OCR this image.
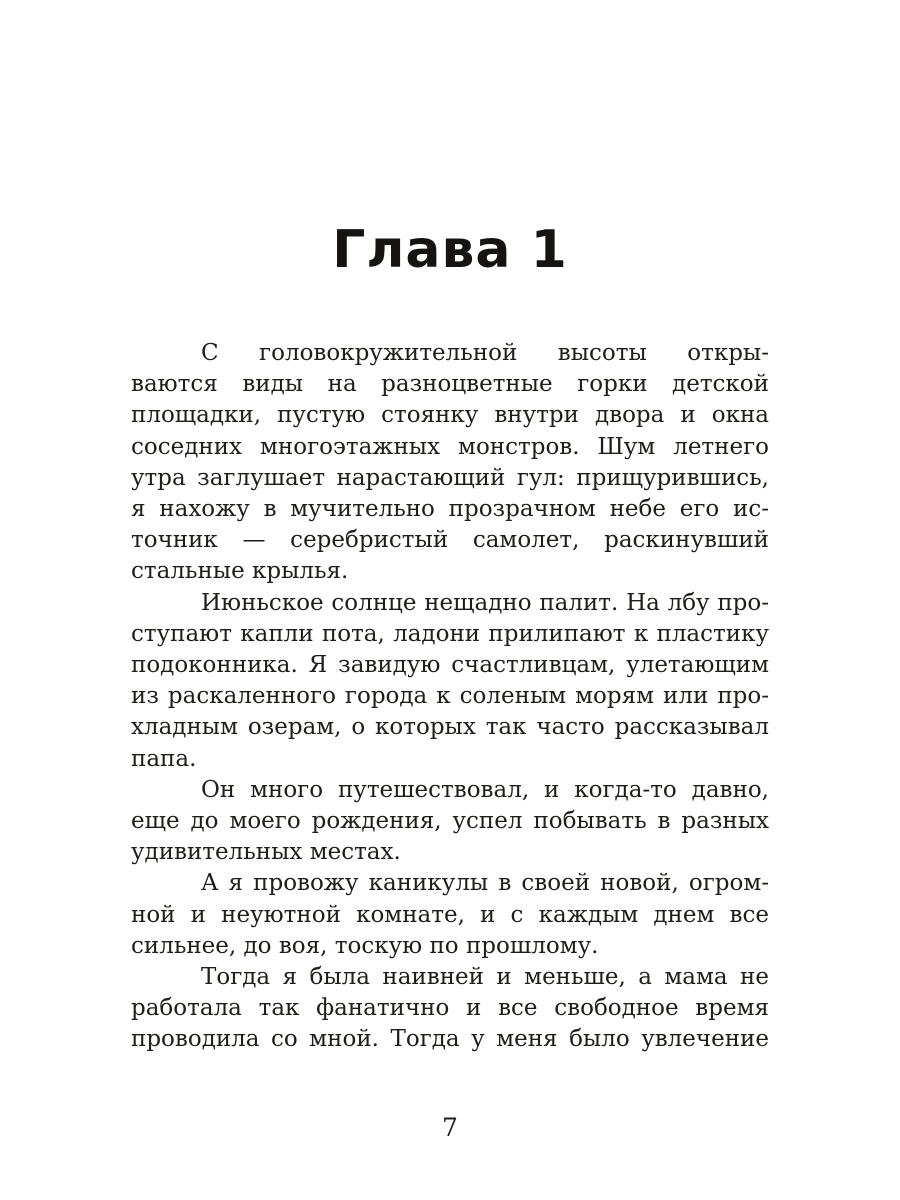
Глава 1
С головокружительной высоты откры-
ваются виды на разноцветные горки детской
площадки, пустую стоянку внутри двора и окна
соседних многоэтажных монстров. Шум летнего
утра заглушает нарастающий гул: прищурившись,
я нахожу в мучительно прозрачном небе его ис-
точник — серебристый самолет, раскинувший
стальные крылья.
Июньское солнце нещадно палит. На лбу про-
ступают капли пота, ладони прилипают к пластику
подоконника. Я завидую счастливцам, улетающим
из раскаленного города к соленым морям или про-
хладным озерам, о которых так часто рассказывал
папа.
Он много путешествовал, и когда-то давно,
еще до моего рождения, успел побывать в разных
удивительных местах.
А я провожу каникулы в своей новой, огром-
ной и неуютной комнате, и с каждым днем все
сильнее, до воя, тоскую по прошлому.
Тогда я была наивней и меньше, а мама не
работала так фанатично и все свободное время
проводила со мной. Тогда у меня было увлечение
7
